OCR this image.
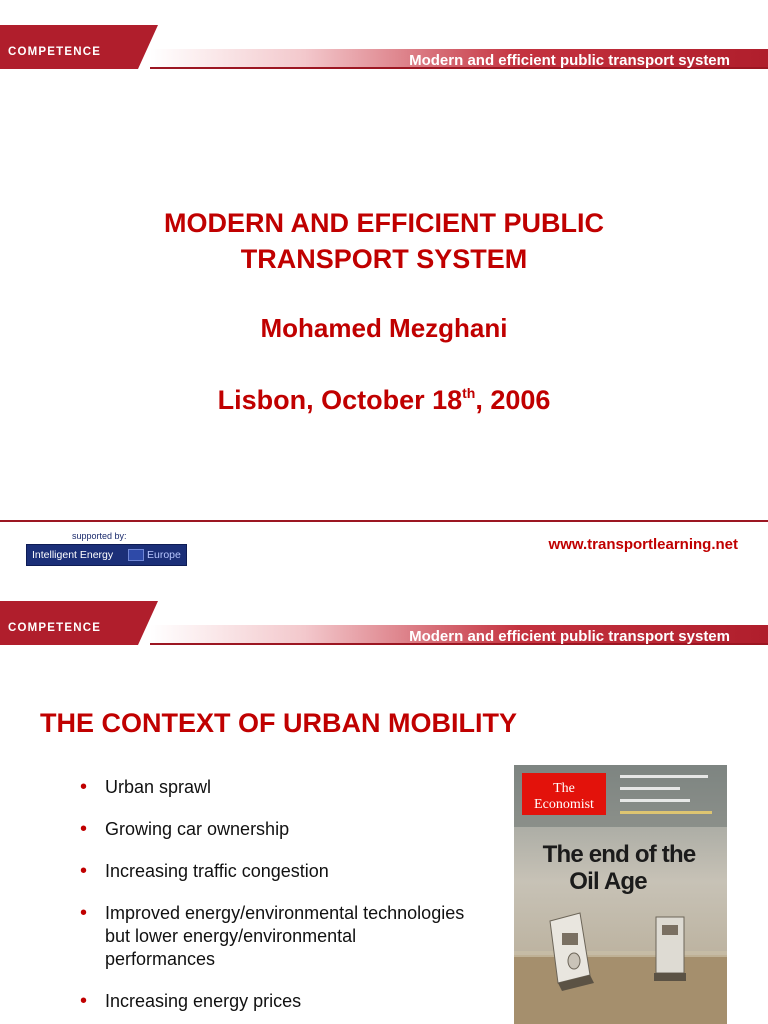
COMPETENCE	Modern and efficient public transport system
MODERN AND EFFICIENT PUBLIC
TRANSPORT SYSTEM
Mohamed Mezghani
Lisbon, October 18th, 2006
supported by:
Intelligent Energy	Europe
www.transportlearning.net
COMPETENCE	Modern and efficient public transport system
THE CONTEXT OF URBAN MOBILITY
• Urban sprawl
• Growing car ownership
• Increasing traffic congestion
• Improved energy/environmental technologies
but lower energy/environmental
performances
• Increasing energy prices
The
Economist
The end of the
Oil Age
